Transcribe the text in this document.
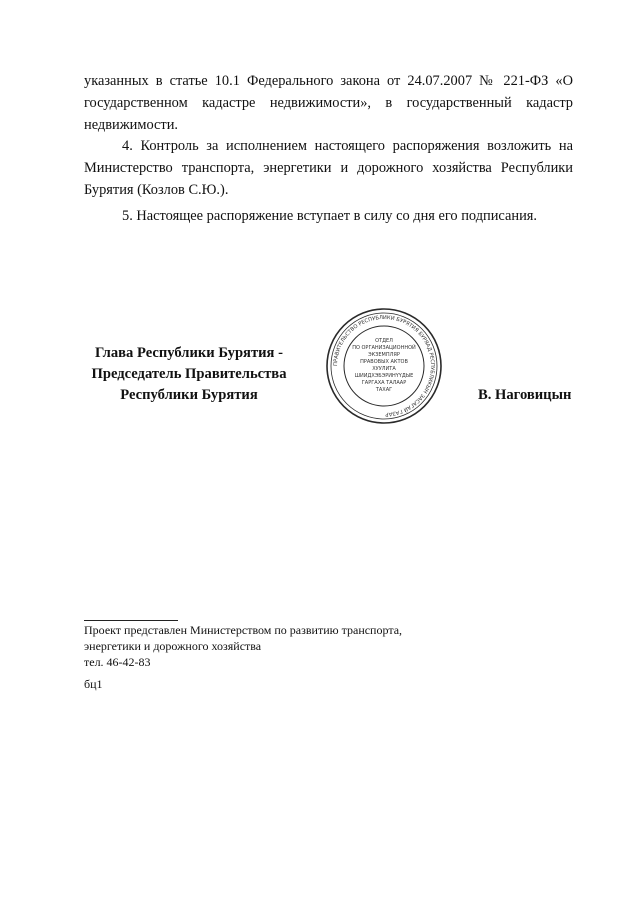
указанных в статье 10.1 Федерального закона от 24.07.2007 № 221-ФЗ «О
государственном кадастре недвижимости», в государственный кадастр
недвижимости.
4. Контроль за исполнением настоящего распоряжения возложить на
Министерство транспорта, энергетики и дорожного хозяйства Республики
Бурятия (Козлов С.Ю.).
5. Настоящее распоряжение вступает в силу со дня его подписания.
Глава Республики Бурятия -
Председатель Правительства
Республики Бурятия
ПРАВИТЕЛЬСТВО РЕСПУБЛИКИ БУРЯТИЯ БУРЯАД РЕСПУБЛИКЫН ЗАСАГАЙ ГАЗАР
ОТДЕЛ
ПО ОРГАНИЗАЦИОННОЙ
ЭКЗЕМПЛЯР
ПРАВОВЫХ АКТОВ
ХУУЛИТА
ШИИДХЭБЭРИНҮҮДЫЕ
ГАРГАХА ТАЛААР
ТАХАГ	В. Наговицын
Проект представлен Министерством по развитию транспорта,
энергетики и дорожного хозяйства
тел. 46-42-83
бц1
